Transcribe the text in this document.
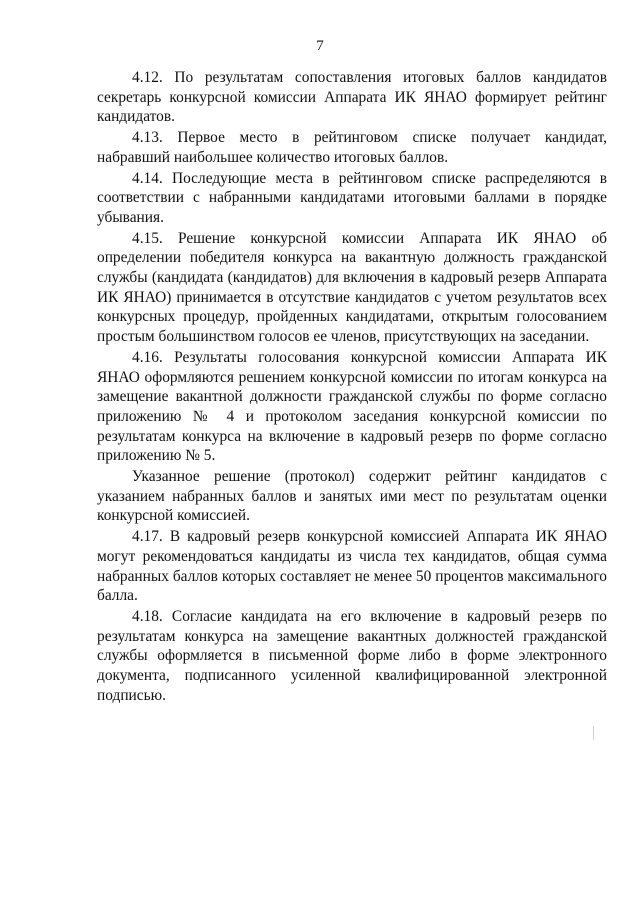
7

4.12. По результатам сопоставления итоговых баллов кандидатов секретарь конкурсной комиссии Аппарата ИК ЯНАО формирует рейтинг кандидатов.

4.13. Первое место в рейтинговом списке получает кандидат, набравший наибольшее количество итоговых баллов.

4.14. Последующие места в рейтинговом списке распределяются в соответствии с набранными кандидатами итоговыми баллами в порядке убывания.

4.15. Решение конкурсной комиссии Аппарата ИК ЯНАО об определении победителя конкурса на вакантную должность гражданской службы (кандидата (кандидатов) для включения в кадровый резерв Аппарата ИК ЯНАО) принимается в отсутствие кандидатов с учетом результатов всех конкурсных процедур, пройденных кандидатами, открытым голосованием простым большинством голосов ее членов, присутствующих на заседании.

4.16. Результаты голосования конкурсной комиссии Аппарата ИК ЯНАО оформляются решением конкурсной комиссии по итогам конкурса на замещение вакантной должности гражданской службы по форме согласно приложению № 4 и протоколом заседания конкурсной комиссии по результатам конкурса на включение в кадровый резерв по форме согласно приложению № 5.

Указанное решение (протокол) содержит рейтинг кандидатов с указанием набранных баллов и занятых ими мест по результатам оценки конкурсной комиссией.

4.17. В кадровый резерв конкурсной комиссией Аппарата ИК ЯНАО могут рекомендоваться кандидаты из числа тех кандидатов, общая сумма набранных баллов которых составляет не менее 50 процентов максимального балла.

4.18. Согласие кандидата на его включение в кадровый резерв по результатам конкурса на замещение вакантных должностей гражданской службы оформляется в письменной форме либо в форме электронного документа, подписанного усиленной квалифицированной электронной подписью.
